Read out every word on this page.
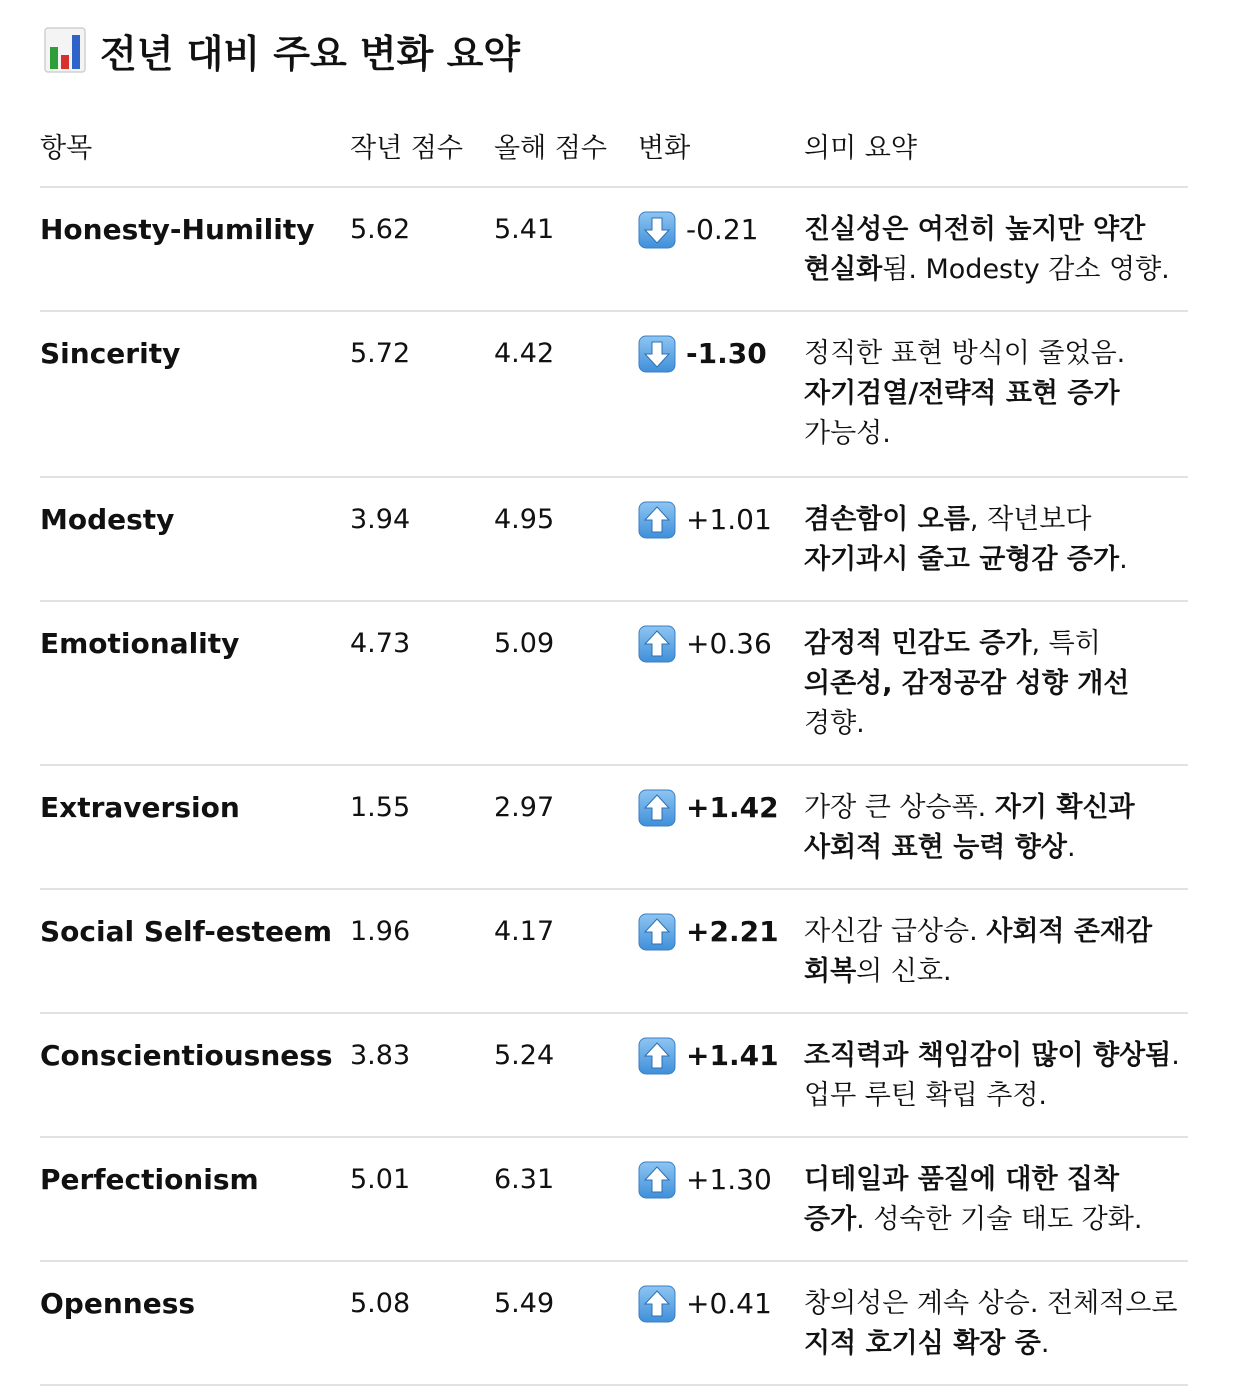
전년 대비 주요 변화 요약
항목	작년 점수	올해 점수	변화	의미 요약

Honesty-Humility	5.62	5.41	-0.21	진실성은 여전히 높지만 약간 현실화됨. Modesty 감소 영향.

Sincerity	5.72	4.42	-1.30	정직한 표현 방식이 줄었음. 자기검열/전략적 표현 증가 가능성.

Modesty	3.94	4.95	+1.01	겸손함이 오름, 작년보다 자기과시 줄고 균형감 증가.

Emotionality	4.73	5.09	+0.36	감정적 민감도 증가, 특히 의존성, 감정공감 성향 개선 경향.

Extraversion	1.55	2.97	+1.42	가장 큰 상승폭. 자기 확신과 사회적 표현 능력 향상.

Social Self-esteem	1.96	4.17	+2.21	자신감 급상승. 사회적 존재감 회복의 신호.

Conscientiousness	3.83	5.24	+1.41	조직력과 책임감이 많이 향상됨. 업무 루틴 확립 추정.

Perfectionism	5.01	6.31	+1.30	디테일과 품질에 대한 집착 증가. 성숙한 기술 태도 강화.

Openness	5.08	5.49	+0.41	창의성은 계속 상승. 전체적으로 지적 호기심 확장 중.
